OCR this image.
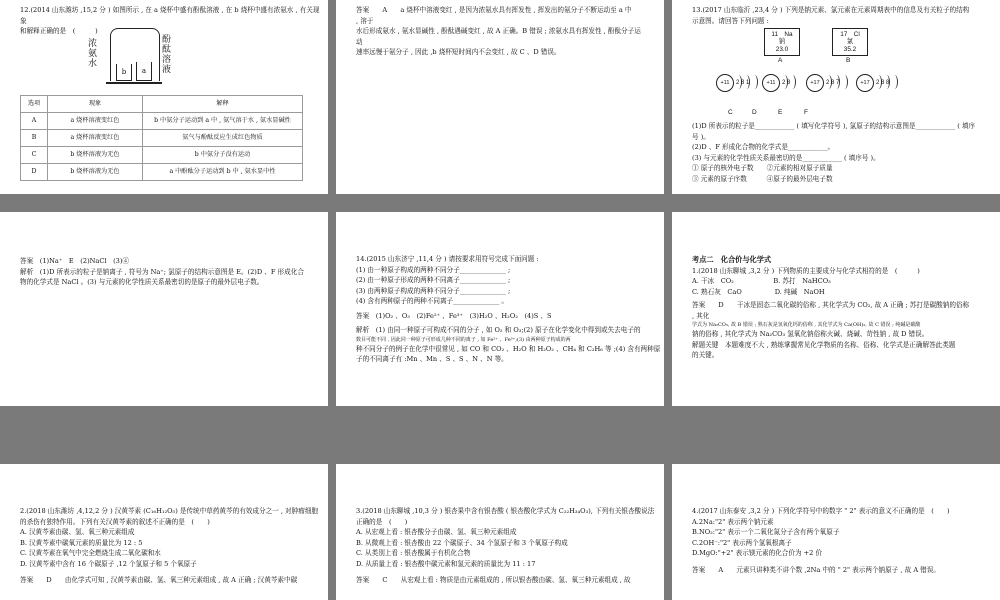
12.(2014 山东潍坊 ,15,2 分 ) 如图所示 , 在 a 烧杯中盛有酚酞溶液 , 在 b 烧杯中盛有浓氨水 , 有关现

象

和解释正确的是　(　　　)

b	a
浓氨水
酚酞溶液
选项	现象	解释
A	a 烧杯溶液变红色	b 中氨分子运动到 a 中 , 氨气溶于水 , 氨水显碱性
B	a 烧杯溶液变红色	氨气与酚酞反应生成红色物质
C	b 烧杯溶液为无色	b 中氨分子没有运动
D	b 烧杯溶液为无色	a 中酚酞分子运动到 b 中 , 氨水显中性

答案　　A　　a 烧杯中溶液变红 , 是因为浓氨水具有挥发性 , 挥发出的氨分子不断运动至 a 中

, 溶于

水后形成氨水 , 氨水显碱性 , 酚酞遇碱变红 , 故 A 正确。B 错误 ; 浓氨水具有挥发性 , 酚酞分子运

动

速率远慢于氨分子 , 因此 ,b 烧杯短时间内不会变红 , 故 C 、D 错误。

13.(2017 山东临沂 ,23,4 分 ) 下列是钠元素、氯元素在元素周期表中的信息及有关粒子的结构

示意图。请回答下列问题 :

11　Na
钠
23.0
17　Cl
氯
35.2
A	B
+11 2 8 1	+11 2 8	+17 2 8 7	+17 2 8 8
C	D	E	F

(1)D 所表示的粒子是____________ ( 填写化学符号 ), 氯原子的结构示意图是____________ ( 填序

号 )。

(2)D 、F 形成化合物的化学式是____________。

(3) 与元素的化学性质关系最密切的是____________ ( 填序号 )。

① 原子的核外电子数　　②元素的相对原子质量

③ 元素的原子序数　　　④原子的最外层电子数

答案　(1)Na⁺　E　(2)NaCl　(3)④

解析　(1)D 所表示的粒子是钠离子 , 符号为 Na⁺; 氯原子的结构示意图是 E。(2)D 、F 形成化合

物的化学式是 NaCl 。(3) 与元素的化学性质关系最密切的是原子的最外层电子数。

14.(2015 山东济宁 ,11,4 分 ) 请按要求用符号完成下面问题 :

(1) 由一种原子构成的两种不同分子______________ ;

(2) 由一种原子形成的两种不同离子______________ ;

(3) 由两种原子构成的两种不同分子______________ ;

(4) 含有两种原子的两种不同离子______________ 。

答案　(1)O₂ 、O₃　(2)Fe²⁺ 、Fe³⁺　(3)H₂O 、H₂O₂　(4)S 、S

解析　(1) 由同一种原子可构成不同的分子 , 如 O₂ 和 O₃;(2) 原子在化学变化中得到或失去电子的

数目可能不同 , 因此同一种原子可形成几种不同的离子 , 如 Fe²⁺ 、Fe³⁺;(3) 由两种原子构成的两

种不同分子的例子在化学中很常见 , 如 CO 和 CO₂ 、H₂O 和 H₂O₂ 、CH₄ 和 C₂H₆ 等 ;(4) 含有两种原

子的不同离子有 :Mn 、Mn 、S 、S 、N 、N 等。

考点二　化合价与化学式

1.(2018 山东聊城 ,3,2 分 ) 下列物质的主要成分与化学式相符的是　(　　　)

A. 干冰　CO₂　　　　　　B. 苏打　NaHCO₃

C. 熟石灰　CaO　　　　　D. 纯碱　NaOH

答案　　D　　干冰是固态二氧化碳的俗称 , 其化学式为 CO₂, 故 A 正确 ; 苏打是碳酸钠的俗称

, 其化

学式为 Na₂CO₃, 故 B 错误 ; 熟石灰是氢氧化钙的俗称 , 其化学式为 Ca(OH)₂, 故 C 错误 ; 纯碱是碳酸

钠的俗称 , 其化学式为 Na₂CO₃ 氢氧化钠俗称火碱、烧碱、苛性钠 , 故 D 错误。

解题关键　本题难度不大 , 熟练掌握常见化学物质的名称、俗称、化学式是正确解答此类题

的关键。

2.(2018 山东潍坊 ,4,12,2 分 ) 汉黄芩素 (C₁₆H₁₂O₅) 是传统中草药黄芩的有效成分之一 , 对肿瘤细胞

的杀伤有独特作用。下列有关汉黄芩素的叙述不正确的是　(　　)

A. 汉黄芩素由碳、氢、氧三种元素组成

B. 汉黄芩素中碳氧元素的质量比为 12 : 5

C. 汉黄芩素在氧气中完全燃烧生成二氧化碳和水

D. 汉黄芩素中含有 16 个碳原子 ,12 个氢原子和 5 个氧原子

答案　　D　　由化学式可知 , 汉黄芩素由碳、氢、氧三种元素组成 , 故 A 正确 ; 汉黄芩素中碳

3.(2018 山东聊城 ,10,3 分 ) 银杏果中含有银杏酸 ( 银杏酸化学式为 C₂₂H₃₄O₃), 下列有关银杏酸说法

正确的是　(　　)

A. 从宏观上看 : 银杏酸分子由碳、氢、氧三种元素组成

B. 从微观上看 : 银杏酸由 22 个碳原子、34 个氢原子和 3 个氧原子构成

C. 从类别上看 : 银杏酸属于有机化合物

D. 从质量上看 : 银杏酸中碳元素和氢元素的质量比为 11 : 17

答案　　C　　从宏观上看 : 物质是由元素组成的 , 所以银杏酸由碳、氢、氧三种元素组成 , 故

4.(2017 山东泰安 ,3,2 分 ) 下列化学符号中的数字 " 2" 表示的意义不正确的是　(　　)

A.2Na:"2" 表示两个钠元素

B.NO₂:"2" 表示一个二氧化氮分子含有两个氧原子

C.2OH⁻:"2" 表示两个氢氧根离子

D.MgO:"+2" 表示镁元素的化合价为 +2 价

答案　　A　　元素只讲种类不讲个数 ,2Na 中的 " 2" 表示两个钠原子 , 故 A 错误。
